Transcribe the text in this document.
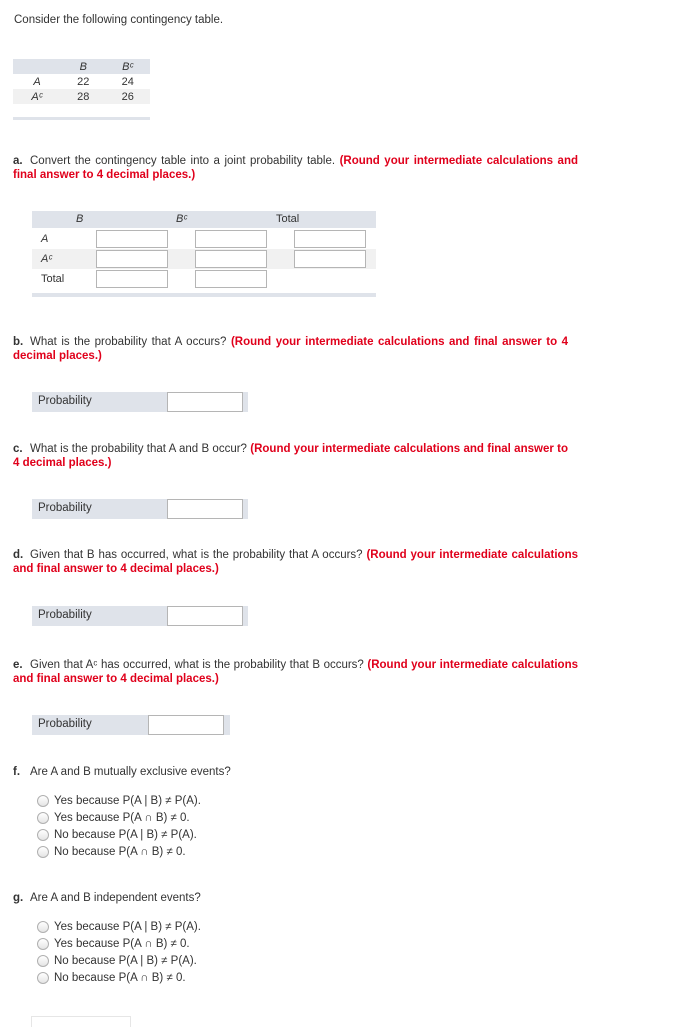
Consider the following contingency table.
	B	Bᶜ
A	22	24
Aᶜ	28	26
a. Convert the contingency table into a joint probability table. (Round your intermediate calculations and final answer to 4 decimal places.)
B	Bᶜ	Total
A
Aᶜ
Total
b. What is the probability that A occurs? (Round your intermediate calculations and final answer to 4 decimal places.)
Probability
c. What is the probability that A and B occur? (Round your intermediate calculations and final answer to 4 decimal places.)
Probability
d. Given that B has occurred, what is the probability that A occurs? (Round your intermediate calculations and final answer to 4 decimal places.)
Probability
e. Given that Aᶜ has occurred, what is the probability that B occurs? (Round your intermediate calculations and final answer to 4 decimal places.)
Probability
f. Are A and B mutually exclusive events?
Yes because P(A | B) ≠ P(A).
Yes because P(A ∩ B) ≠ 0.
No because P(A | B) ≠ P(A).
No because P(A ∩ B) ≠ 0.
g. Are A and B independent events?
Yes because P(A | B) ≠ P(A).
Yes because P(A ∩ B) ≠ 0.
No because P(A | B) ≠ P(A).
No because P(A ∩ B) ≠ 0.
